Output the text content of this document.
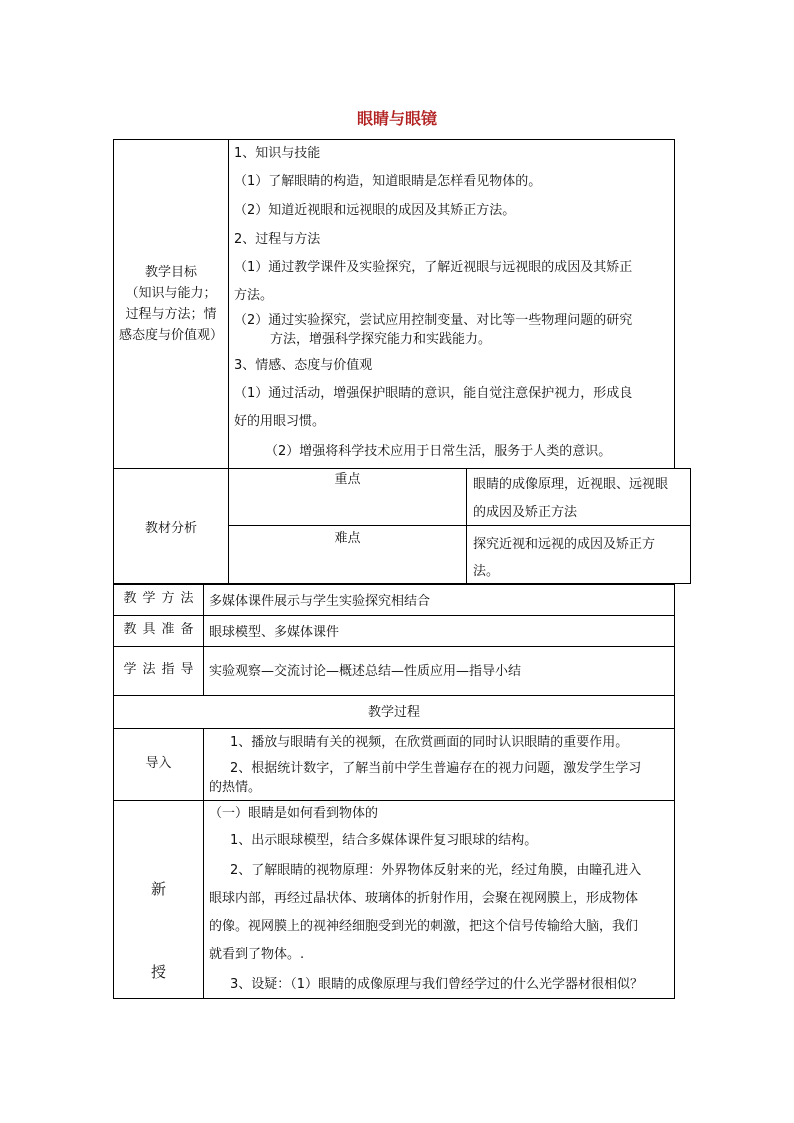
眼睛与眼镜
教学目标
（知识与能力；
过程与方法；情
感态度与价值观）
1、知识与技能
（1）了解眼睛的构造，知道眼睛是怎样看见物体的。
（2）知道近视眼和远视眼的成因及其矫正方法。
2、过程与方法
（1）通过教学课件及实验探究，了解近视眼与远视眼的成因及其矫正
方法。
（2）通过实验探究，尝试应用控制变量、对比等一些物理问题的研究
方法，增强科学探究能力和实践能力。
3、情感、态度与价值观
（1）通过活动，增强保护眼睛的意识，能自觉注意保护视力，形成良
好的用眼习惯。
（2）增强将科学技术应用于日常生活，服务于人类的意识。
教材分析
重点	眼睛的成像原理，近视眼、远视眼
的成因及矫正方法
难点	探究近视和远视的成因及矫正方
法。
教学方法 多媒体课件展示与学生实验探究相结合
教具准备 眼球模型、多媒体课件
学法指导 实验观察—交流讨论—概述总结—性质应用—指导小结
教学过程
导入
1、播放与眼睛有关的视频，在欣赏画面的同时认识眼睛的重要作用。
2、根据统计数字，了解当前中学生普遍存在的视力问题，激发学生学习
的热情。
新
授
（一）眼睛是如何看到物体的
1、出示眼球模型，结合多媒体课件复习眼球的结构。
2、了解眼睛的视物原理：外界物体反射来的光，经过角膜，由瞳孔进入
眼球内部，再经过晶状体、玻璃体的折射作用，会聚在视网膜上，形成物体
的像。视网膜上的视神经细胞受到光的刺激，把这个信号传输给大脑，我们
就看到了物体。.
3、设疑：（1）眼睛的成像原理与我们曾经学过的什么光学器材很相似？
